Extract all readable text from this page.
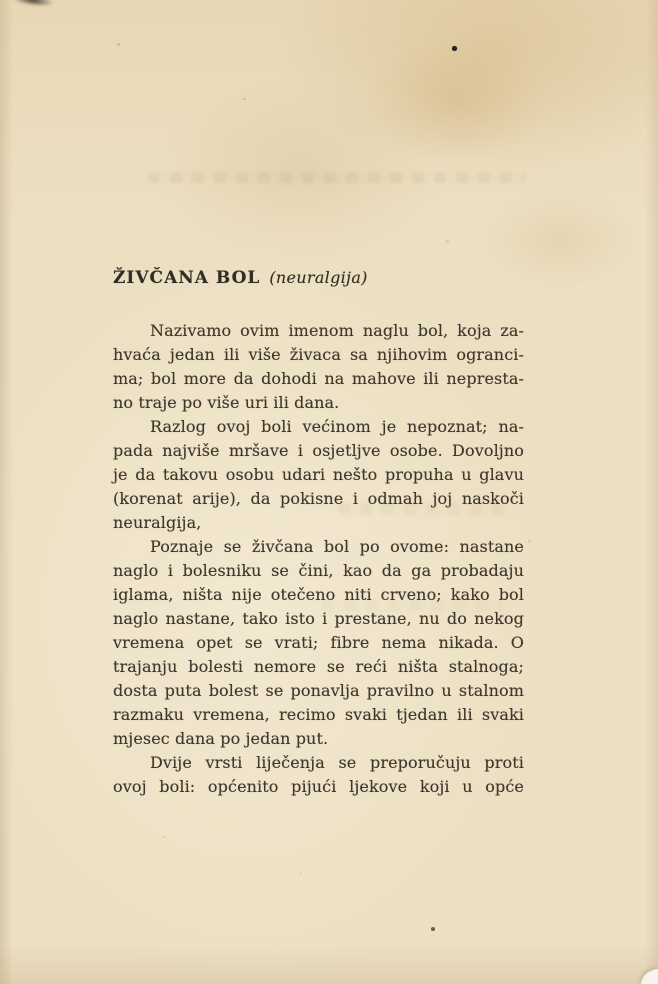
ŽIVČANA BOL (neuralgija)
Nazivamo ovim imenom naglu bol, koja za-
hvaća jedan ili više živaca sa njihovim ogranci-
ma; bol more da dohodi na mahove ili nepresta-
no traje po više uri ili dana.
Razlog ovoj boli većinom je nepoznat; na-
pada najviše mršave i osjetljve osobe. Dovoljno
je da takovu osobu udari nešto propuha u glavu
(korenat arije), da pokisne i odmah joj naskoči
neuralgija,
Poznaje se živčana bol po ovome: nastane
naglo i bolesniku se čini, kao da ga probadaju
iglama, ništa nije otečeno niti crveno; kako bol
naglo nastane, tako isto i prestane, nu do nekog
vremena opet se vrati; fibre nema nikada. O
trajanju bolesti nemore se reći ništa stalnoga;
dosta puta bolest se ponavlja pravilno u stalnom
razmaku vremena, recimo svaki tjedan ili svaki
mjesec dana po jedan put.
Dvije vrsti liječenja se preporučuju proti
ovoj boli: općenito pijući ljekove koji u opće
